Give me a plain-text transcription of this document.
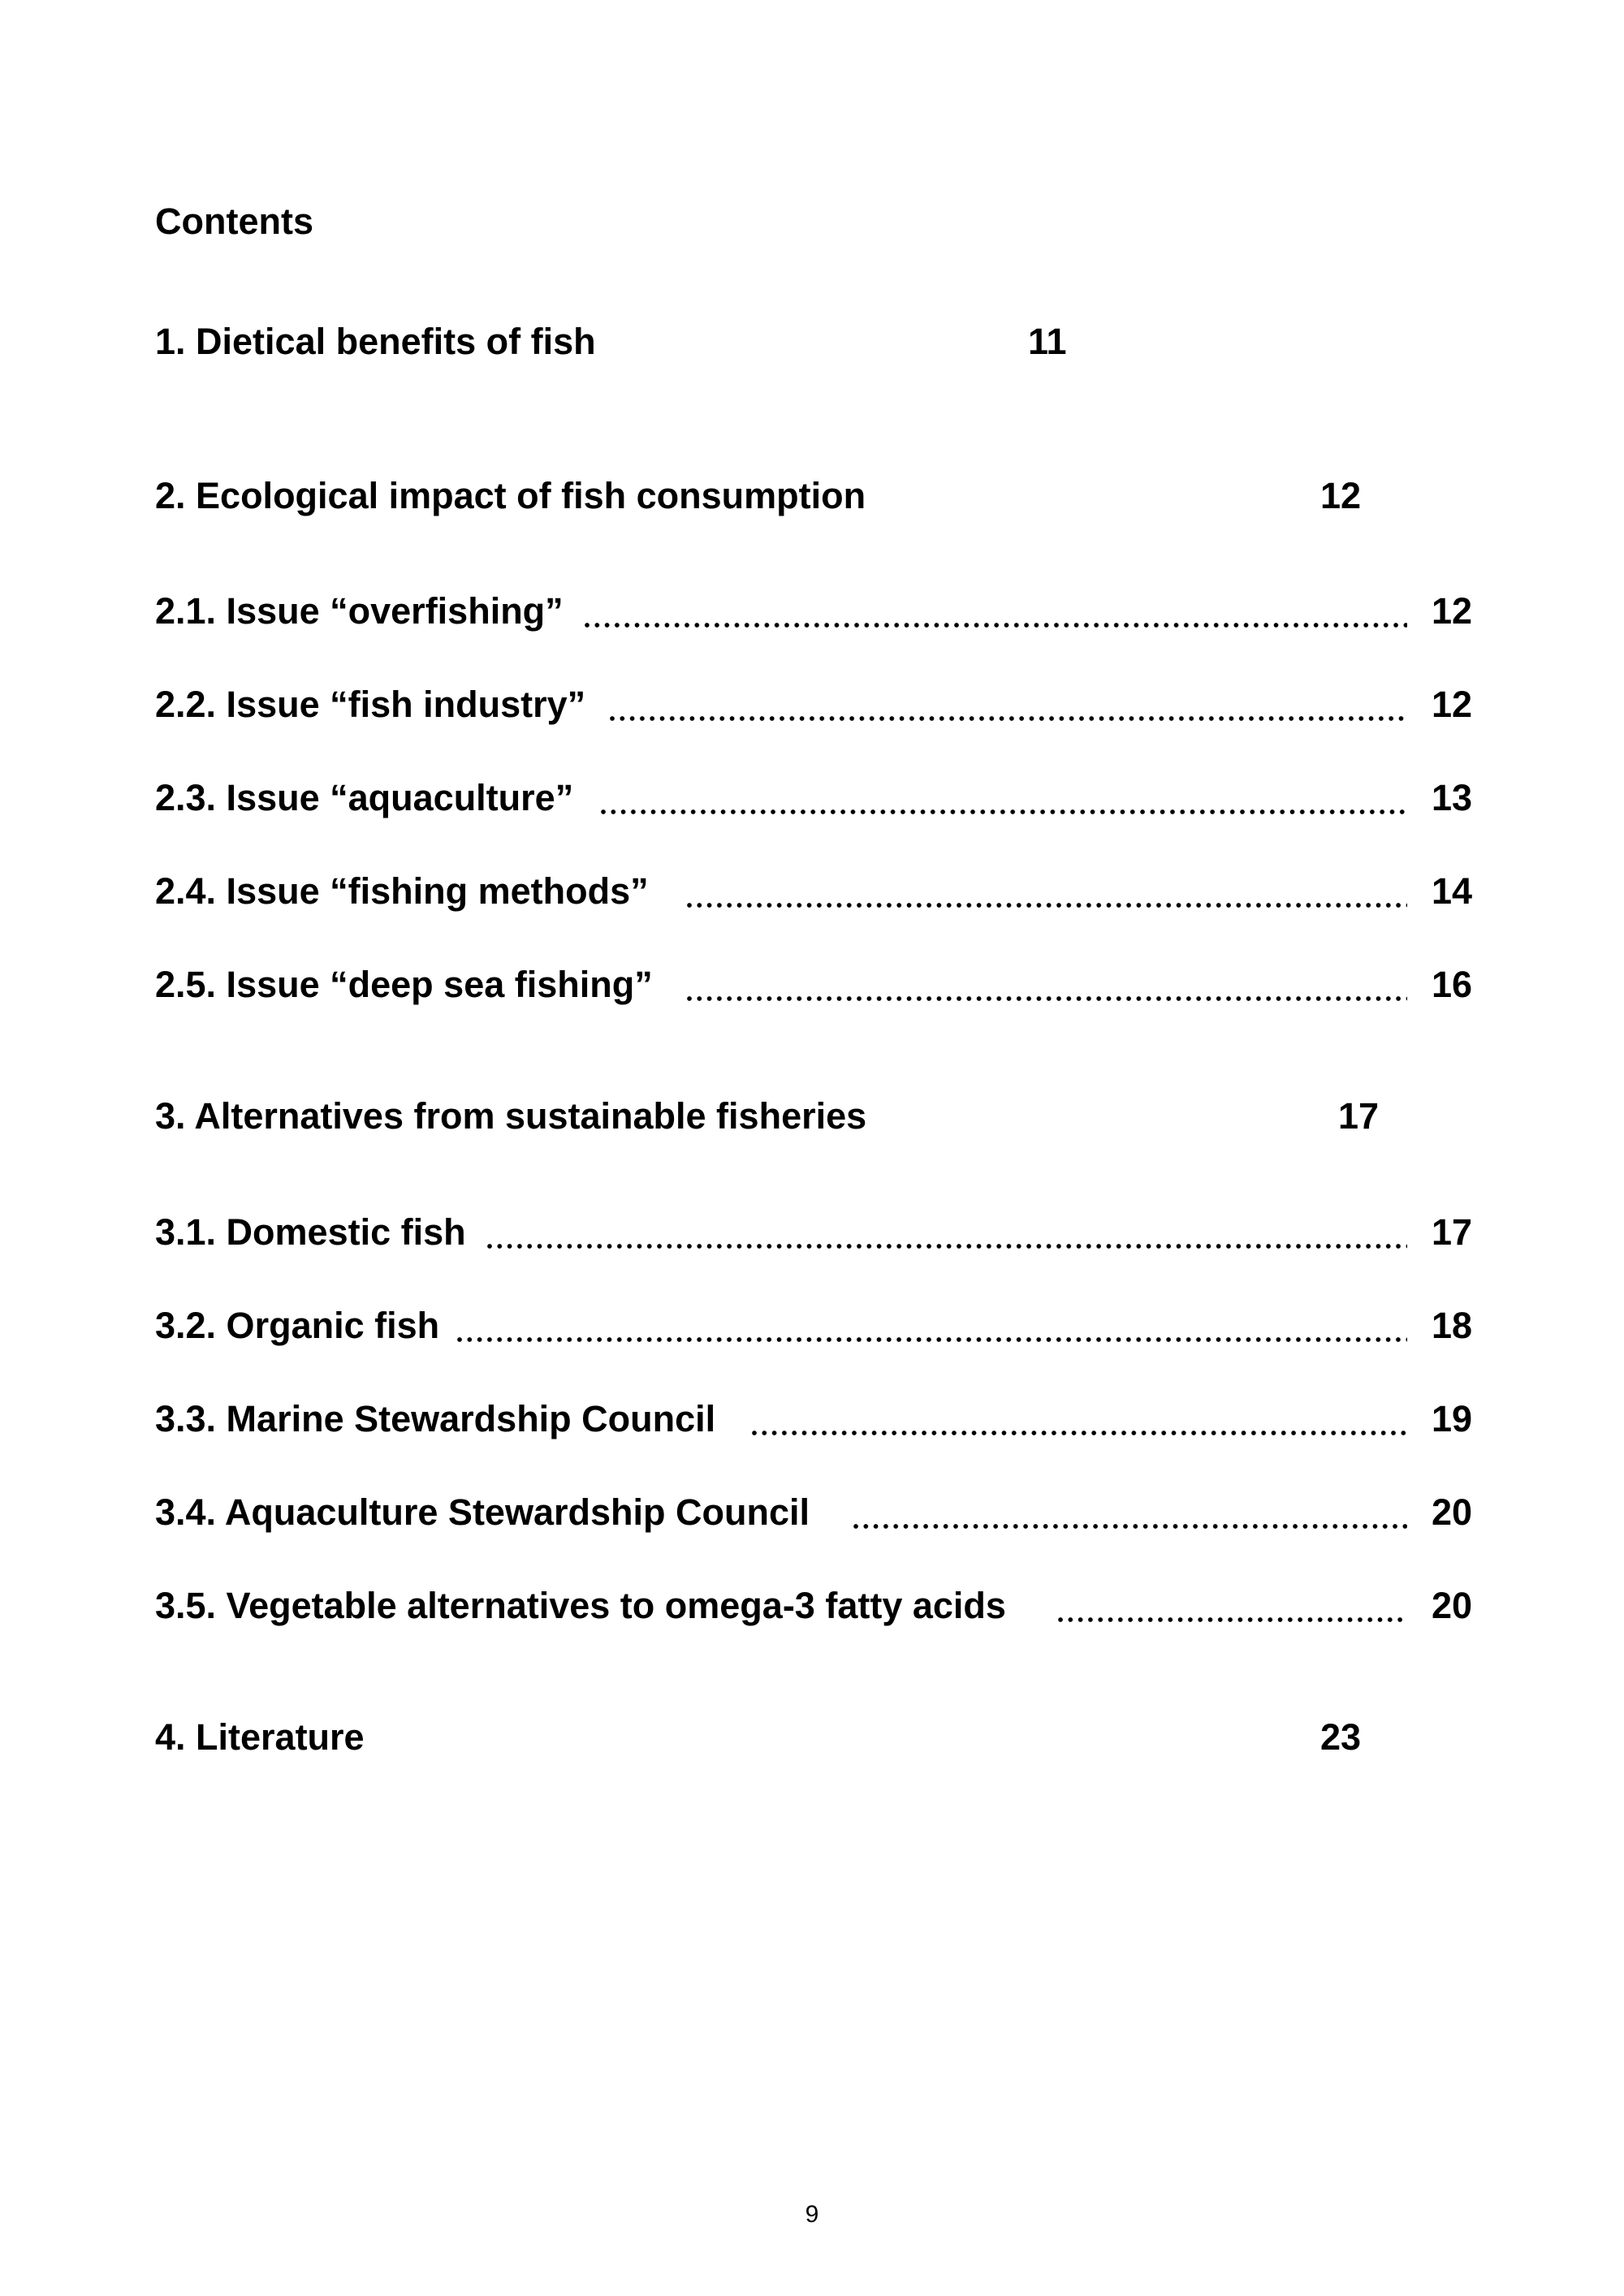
Contents
1. Dietical benefits of fish	11
2. Ecological impact of fish consumption	12
2.1. Issue “overfishing”	12
2.2. Issue “fish industry”	12
2.3. Issue “aquaculture”	13
2.4. Issue “fishing methods”	14
2.5. Issue “deep sea fishing”	16
3. Alternatives from sustainable fisheries	17
3.1. Domestic fish	17
3.2. Organic fish	18
3.3. Marine Stewardship Council	19
3.4. Aquaculture Stewardship Council	20
3.5. Vegetable alternatives to omega-3 fatty acids	20
4. Literature	23
9
